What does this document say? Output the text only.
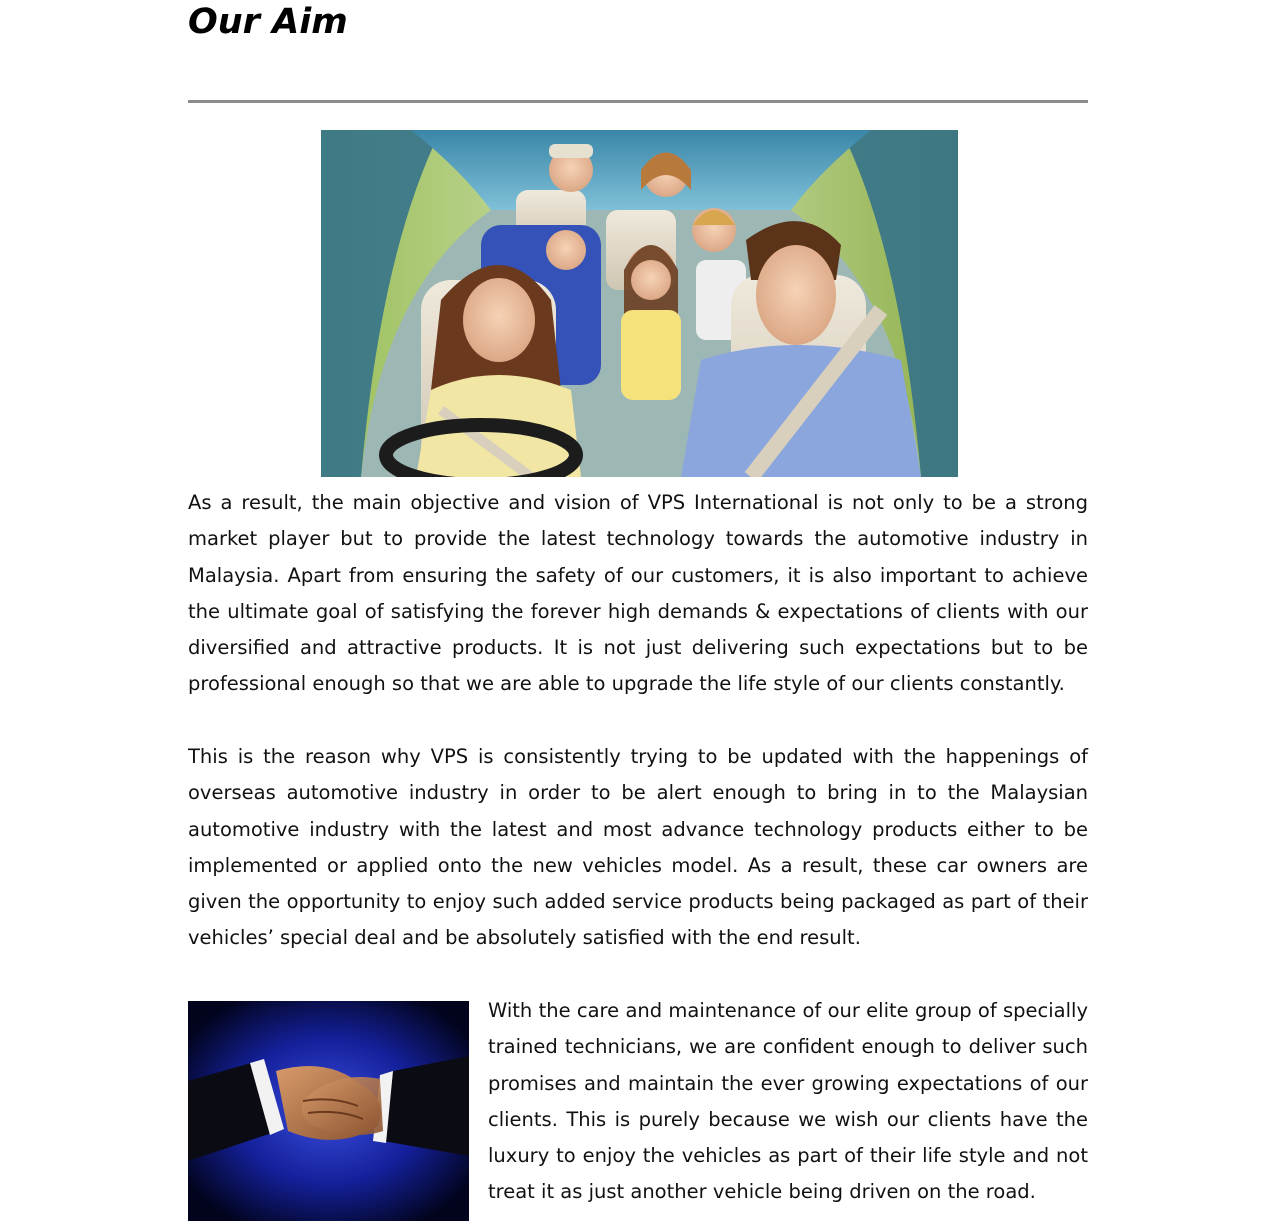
Our Aim

As a result, the main objective and vision of VPS International is not only to be a strong market player but to provide the latest technology towards the automotive industry in Malaysia. Apart from ensuring the safety of our customers, it is also important to achieve the ultimate goal of satisfying the forever high demands & expectations of clients with our diversified and attractive products. It is not just delivering such expectations but to be professional enough so that we are able to upgrade the life style of our clients constantly.

This is the reason why VPS is consistently trying to be updated with the happenings of overseas automotive industry in order to be alert enough to bring in to the Malaysian automotive industry with the latest and most advance technology products either to be implemented or applied onto the new vehicles model. As a result, these car owners are given the opportunity to enjoy such added service products being packaged as part of their vehicles’ special deal and be absolutely satisfied with the end result.

With the care and maintenance of our elite group of specially trained technicians, we are confident enough to deliver such promises and maintain the ever growing expectations of our clients. This is purely because we wish our clients have the luxury to enjoy the vehicles as part of their life style and not treat it as just another vehicle being driven on the road.
